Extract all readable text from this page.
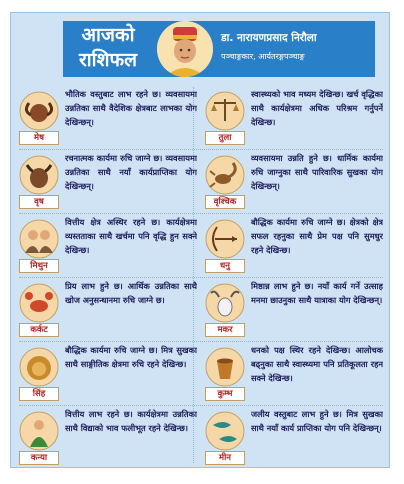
आजको
राशिफल
डा. नारायणप्रसाद निरौला
पञ्चाङ्गकार, आर्यतरङ्गपञ्चाङ्ग
मेष
भौतिक वस्तुबाट लाभ रहने छ। व्यवसायमा उन्नतिका साथै वैदेशिक क्षेत्रबाट लाभका योग देखिन्छन्।
तुला
स्वास्थ्यको भाव मध्यम देखिन्छ। खर्च वृद्धिका साथै कार्यक्षेत्रमा अधिक परिश्रम गर्नुपर्ने देखिन्छ।
वृष
रचनात्मक कार्यमा रुचि जाग्ने छ। व्यवसायमा उन्नतिका साथै नयाँ कार्यप्राप्तिका योग देखिन्छन्।
वृश्चिक
व्यवसायमा उन्नति हुने छ। धार्मिक कार्यमा रुचि जाग्नुका साथै पारिवारिक सुखका योग देखिन्छन्।
मिथुन
वित्तीय क्षेत्र अस्थिर रहने छ। कार्यक्षेत्रमा व्यस्तताका साथै खर्चमा पनि वृद्धि हुन सक्ने देखिन्छ।
धनु
बौद्धिक कार्यमा रुचि जाग्ने छ। क्षेत्रको क्षेत्र सफल रहनुका साथै प्रेम पक्ष पनि सुमधुर रहने देखिन्छ।
कर्कट
प्रिय लाभ हुने छ। आर्थिक उन्नतिका साथै खोज अनुसन्धानमा रुचि जाग्ने छ।
मकर
मिष्ठान्न लाभ हुने छ। नयाँ कार्य गर्ने उत्साह मनमा छाउनुका साथै यात्राका योग देखिन्छन्।
सिंह
बौद्धिक कार्यमा रुचि जाग्ने छ। मित्र सुखका साथै साङ्गीतिक क्षेत्रमा रुचि रहने देखिन्छ।
कुम्भ
धनको पक्ष स्थिर रहने देखिन्छ। आलोचक बढ्नुका साथै स्वास्थ्यमा पनि प्रतिकूलता रहन सक्ने देखिन्छ।
कन्या
वित्तीय लाभ रहने छ। कार्यक्षेत्रमा उन्नतिका साथै विद्याको भाव फलीभूत रहने देखिन्छ।
मीन
जलीय वस्तुबाट लाभ हुने छ। मित्र सुखका साथै नयाँ कार्य प्राप्तिका योग पनि देखिन्छन्।
